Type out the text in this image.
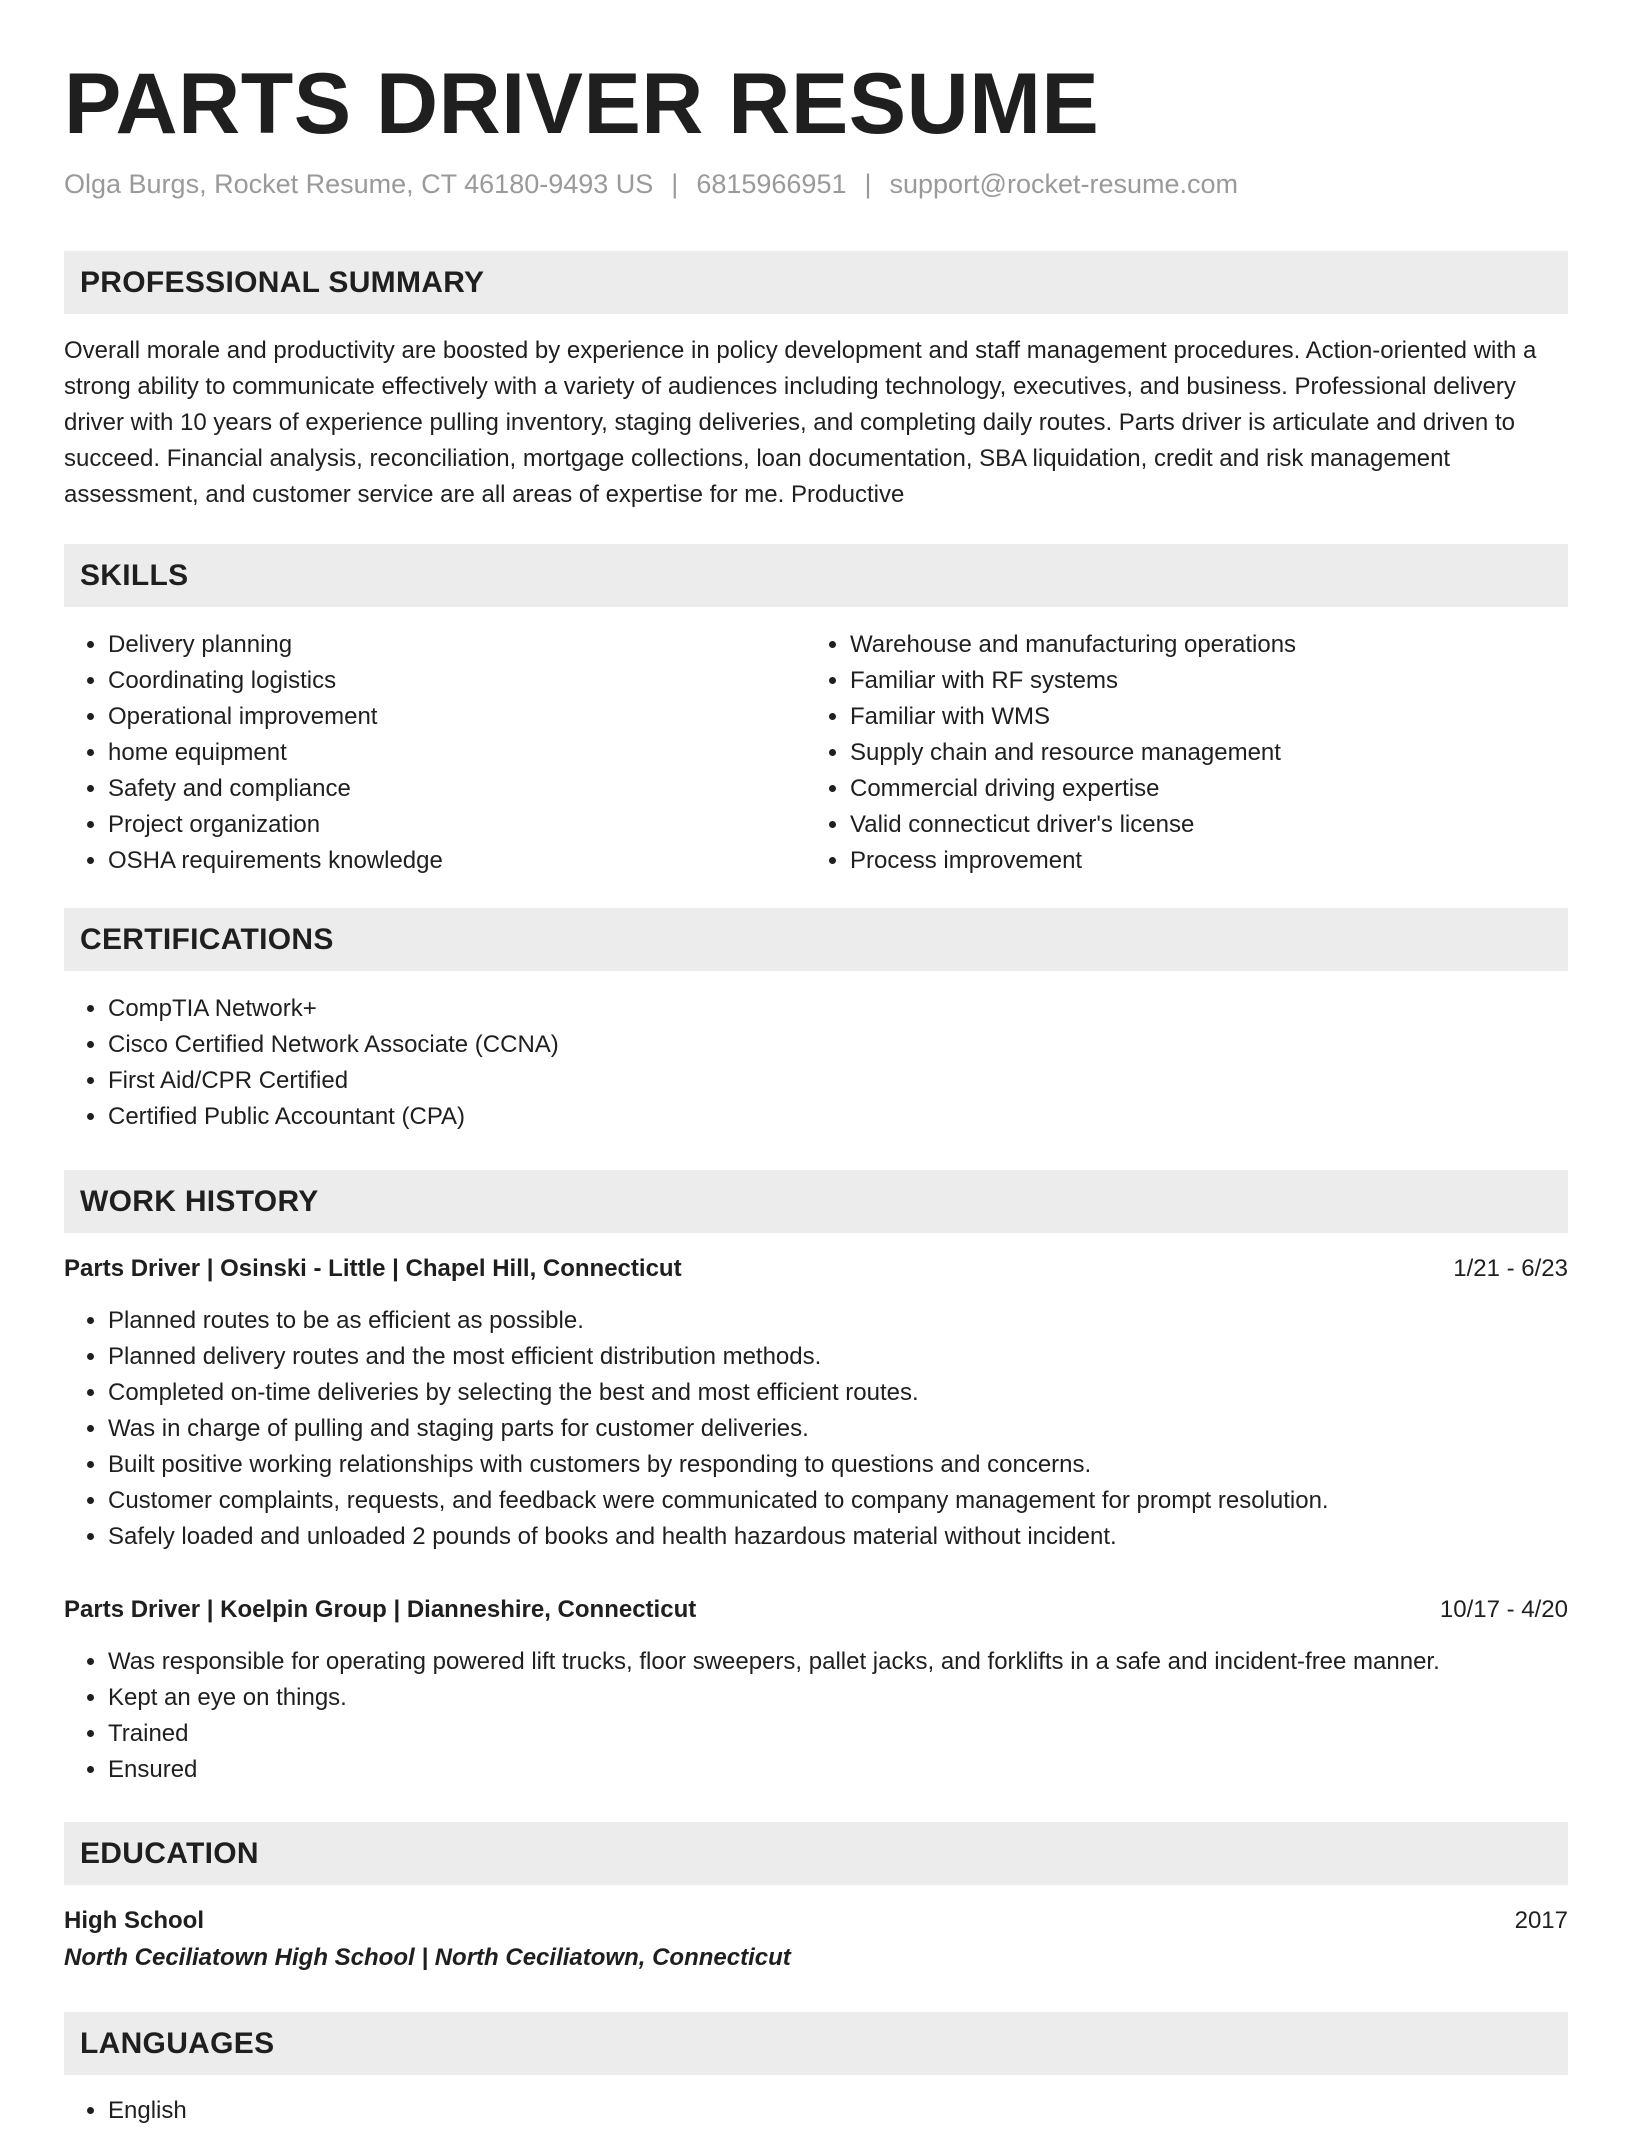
PARTS DRIVER RESUME
Olga Burgs, Rocket Resume, CT 46180-9493 US | 6815966951 | support@rocket-resume.com
PROFESSIONAL SUMMARY

Overall morale and productivity are boosted by experience in policy development and staff management procedures. Action-oriented with a strong ability to communicate effectively with a variety of audiences including technology, executives, and business. Professional delivery driver with 10 years of experience pulling inventory, staging deliveries, and completing daily routes. Parts driver is articulate and driven to succeed. Financial analysis, reconciliation, mortgage collections, loan documentation, SBA liquidation, credit and risk management assessment, and customer service are all areas of expertise for me. Productive

SKILLS
• Delivery planning
• Coordinating logistics
• Operational improvement
• home equipment
• Safety and compliance
• Project organization
• OSHA requirements knowledge
• Warehouse and manufacturing operations
• Familiar with RF systems
• Familiar with WMS
• Supply chain and resource management
• Commercial driving expertise
• Valid connecticut driver's license
• Process improvement
CERTIFICATIONS
• CompTIA Network+
• Cisco Certified Network Associate (CCNA)
• First Aid/CPR Certified
• Certified Public Accountant (CPA)
WORK HISTORY
Parts Driver | Osinski - Little | Chapel Hill, Connecticut	1/21 - 6/23
• Planned routes to be as efficient as possible.
• Planned delivery routes and the most efficient distribution methods.
• Completed on-time deliveries by selecting the best and most efficient routes.
• Was in charge of pulling and staging parts for customer deliveries.
• Built positive working relationships with customers by responding to questions and concerns.
• Customer complaints, requests, and feedback were communicated to company management for prompt resolution.
• Safely loaded and unloaded 2 pounds of books and health hazardous material without incident.
Parts Driver | Koelpin Group | Dianneshire, Connecticut	10/17 - 4/20
• Was responsible for operating powered lift trucks, floor sweepers, pallet jacks, and forklifts in a safe and incident-free manner.
• Kept an eye on things.
• Trained
• Ensured
EDUCATION
High School	2017
North Ceciliatown High School | North Ceciliatown, Connecticut
LANGUAGES
• English
